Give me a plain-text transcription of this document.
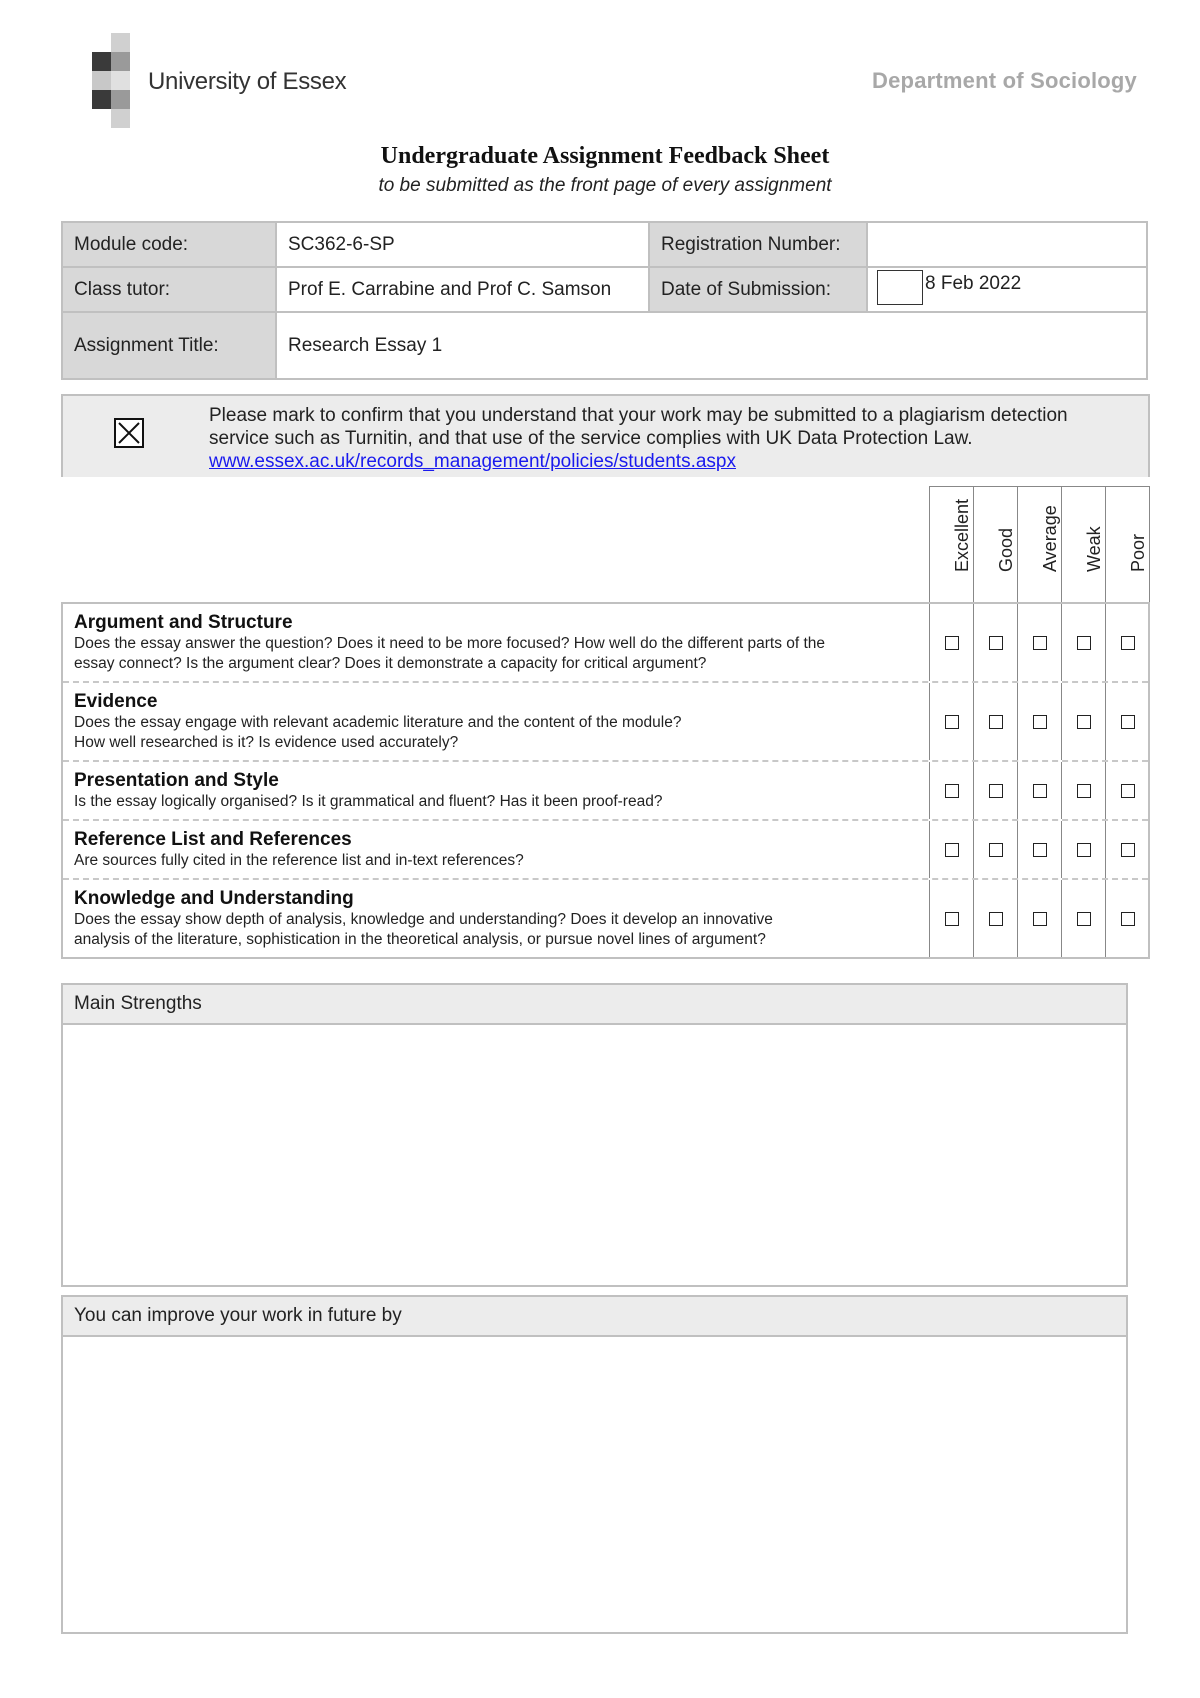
University of Essex	Department of Sociology
Undergraduate Assignment Feedback Sheet
to be submitted as the front page of every assignment
Module code:	SC362-6-SP	Registration Number:	
Class tutor:	Prof E. Carrabine and Prof C. Samson	Date of Submission:	8 Feb 2022
Assignment Title:	Research Essay 1		
Please mark to confirm that you understand that your work may be submitted to a plagiarism detection
service such as Turnitin, and that use of the service complies with UK Data Protection Law.
www.essex.ac.uk/records_management/policies/students.aspx
Excellent Good Average Weak Poor
Argument and Structure
Does the essay answer the question? Does it need to be more focused? How well do the different parts of the
essay connect? Is the argument clear? Does it demonstrate a capacity for critical argument?
Evidence
Does the essay engage with relevant academic literature and the content of the module?
How well researched is it? Is evidence used accurately?
Presentation and Style
Is the essay logically organised? Is it grammatical and fluent? Has it been proof-read?
Reference List and References
Are sources fully cited in the reference list and in-text references?
Knowledge and Understanding
Does the essay show depth of analysis, knowledge and understanding? Does it develop an innovative
analysis of the literature, sophistication in the theoretical analysis, or pursue novel lines of argument?
Main Strengths
You can improve your work in future by
